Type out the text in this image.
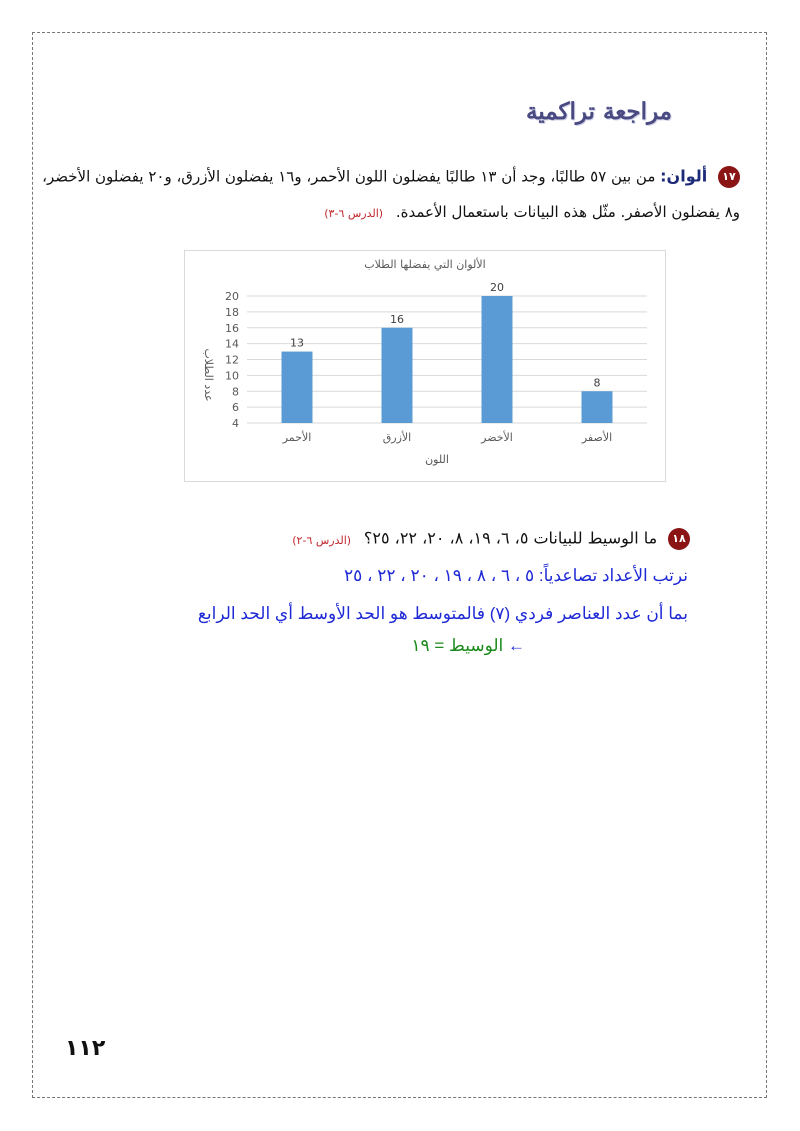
مراجعة تراكمية
١٧ ألوان: من بين ٥٧ طالبًا، وجد أن ١٣ طالبًا يفضلون اللون الأحمر، و١٦ يفضلون الأزرق، و٢٠ يفضلون الأخضر،
و٨ يفضلون الأصفر. مثّل هذه البيانات باستعمال الأعمدة. (الدرس ٦-٣)
الألوان التي يفضلها الطلاب
اللون
عدد الطلاب
4
6
8
10
12
14
16
18
20
13
16
20
8
الأحمر	الأزرق	الأخضر	الأصفر
١٨ ما الوسيط للبيانات ٥، ٦، ١٩، ٨، ٢٠، ٢٢، ٢٥؟ (الدرس ٦-٢)
نرتب الأعداد تصاعدياً: ٥ ، ٦ ، ٨ ، ١٩ ، ٢٠ ، ٢٢ ، ٢٥
بما أن عدد العناصر فردي (٧) فالمتوسط هو الحد الأوسط أي الحد الرابع
← الوسيط = ١٩
١١٢
